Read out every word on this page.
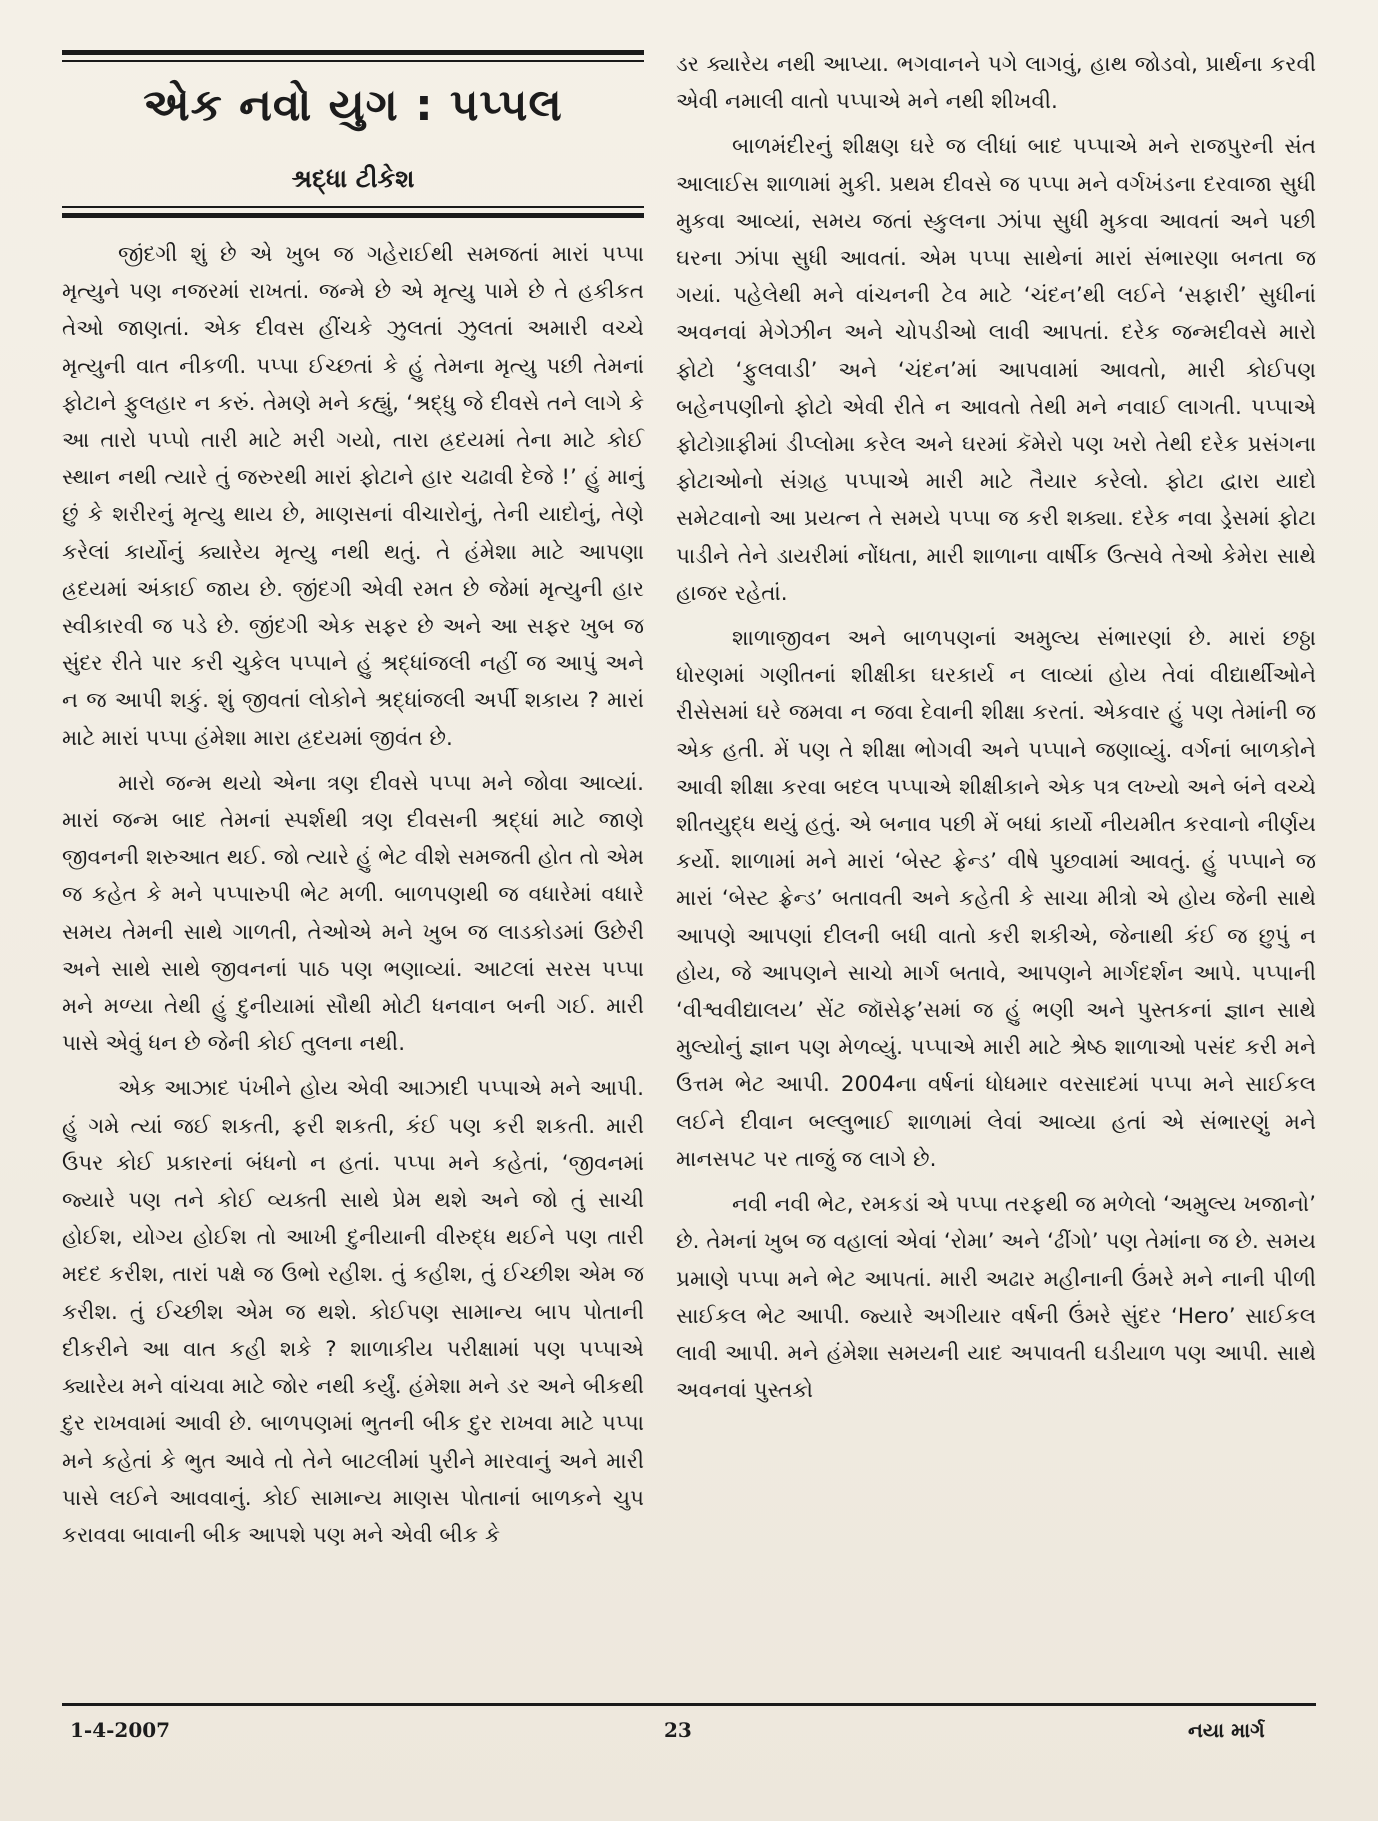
એક નવો યુગ : પપ્પલ
શ્રદ્ધા ટીકેશ

જીંદગી શું છે એ ખુબ જ ગહેરાઈથી સમજતાં મારાં પપ્પા મૃત્યુને પણ નજરમાં રાખતાં. જન્મે છે એ મૃત્યુ પામે છે તે હકીકત તેઓ જાણતાં. એક દીવસ હીંચકે ઝુલતાં ઝુલતાં અમારી વચ્ચે મૃત્યુની વાત નીકળી. પપ્પા ઈચ્છતાં કે હું તેમના મૃત્યુ પછી તેમનાં ફોટાને ફુલહાર ન કરું. તેમણે મને કહ્યું, ‘શ્રદ્ધુ જે દીવસે તને લાગે કે આ તારો પપ્પો તારી માટે મરી ગયો, તારા હ્રદયમાં તેના માટે કોઈ સ્થાન નથી ત્યારે તું જરુરથી મારાં ફોટાને હાર ચઢાવી દેજે !’ હું માનું છું કે શરીરનું મૃત્યુ થાય છે, માણસનાં વીચારોનું, તેની યાદોનું, તેણે કરેલાં કાર્યોનું ક્યારેય મૃત્યુ નથી થતું. તે હંમેશા માટે આપણા હ્રદયમાં અંકાઈ જાય છે. જીંદગી એવી રમત છે જેમાં મૃત્યુની હાર સ્વીકારવી જ પડે છે. જીંદગી એક સફર છે અને આ સફર ખુબ જ સુંદર રીતે પાર કરી ચુકેલ પપ્પાને હું શ્રદ્ધાંજલી નહીં જ આપું અને ન જ આપી શકું. શું જીવતાં લોકોને શ્રદ્ધાંજલી અર્પી શકાય ? મારાં માટે મારાં પપ્પા હંમેશા મારા હ્રદયમાં જીવંત છે.

મારો જન્મ થયો એના ત્રણ દીવસે પપ્પા મને જોવા આવ્યાં. મારાં જન્મ બાદ તેમનાં સ્પર્શથી ત્રણ દીવસની શ્રદ્ધાં માટે જાણે જીવનની શરુઆત થઈ. જો ત્યારે હું ભેટ વીશે સમજતી હોત તો એમ જ કહેત કે મને પપ્પારુપી ભેટ મળી. બાળપણથી જ વધારેમાં વધારે સમય તેમની સાથે ગાળતી, તેઓએ મને ખુબ જ લાડકોડમાં ઉછેરી અને સાથે સાથે જીવનનાં પાઠ પણ ભણાવ્યાં. આટલાં સરસ પપ્પા મને મળ્યા તેથી હું દુનીયામાં સૌથી મોટી ધનવાન બની ગઈ. મારી પાસે એવું ધન છે જેની કોઈ તુલના નથી.

એક આઝાદ પંખીને હોય એવી આઝાદી પપ્પાએ મને આપી. હું ગમે ત્યાં જઈ શકતી, ફરી શકતી, કંઈ પણ કરી શકતી. મારી ઉપર કોઈ પ્રકારનાં બંધનો ન હતાં. પપ્પા મને કહેતાં, ‘જીવનમાં જ્યારે પણ તને કોઈ વ્યક્તી સાથે પ્રેમ થશે અને જો તું સાચી હોઈશ, યોગ્ય હોઈશ તો આખી દુનીયાની વીરુદ્ધ થઈને પણ તારી મદદ કરીશ, તારાં પક્ષે જ ઉભો રહીશ. તું કહીશ, તું ઈચ્છીશ એમ જ કરીશ. તું ઈચ્છીશ એમ જ થશે. કોઈપણ સામાન્ય બાપ પોતાની દીકરીને આ વાત કહી શકે ? શાળાકીય પરીક્ષામાં પણ પપ્પાએ ક્યારેય મને વાંચવા માટે જોર નથી કર્યું. હંમેશા મને ડર અને બીકથી દુર રાખવામાં આવી છે. બાળપણમાં ભુતની બીક દુર રાખવા માટે પપ્પા મને કહેતાં કે ભુત આવે તો તેને બાટલીમાં પુરીને મારવાનું અને મારી પાસે લઈને આવવાનું. કોઈ સામાન્ય માણસ પોતાનાં બાળકને ચુપ કરાવવા બાવાની બીક આપશે પણ મને એવી બીક કે

ડર ક્યારેય નથી આપ્યા. ભગવાનને પગે લાગવું, હાથ જોડવો, પ્રાર્થના કરવી એવી નમાલી વાતો પપ્પાએ મને નથી શીખવી.

બાળમંદીરનું શીક્ષણ ઘરે જ લીધાં બાદ પપ્પાએ મને રાજપુરની સંત આલાઈસ શાળામાં મુકી. પ્રથમ દીવસે જ પપ્પા મને વર્ગખંડના દરવાજા સુધી મુકવા આવ્યાં, સમય જતાં સ્કુલના ઝાંપા સુધી મુકવા આવતાં અને પછી ઘરના ઝાંપા સુધી આવતાં. એમ પપ્પા સાથેનાં મારાં સંભારણા બનતા જ ગયાં. પહેલેથી મને વાંચનની ટેવ માટે ‘ચંદન’થી લઈને ‘સફારી’ સુધીનાં અવનવાં મેગેઝીન અને ચોપડીઓ લાવી આપતાં. દરેક જન્મદીવસે મારો ફોટો ‘ફુલવાડી’ અને ‘ચંદન’માં આપવામાં આવતો, મારી કોઈપણ બહેનપણીનો ફોટો એવી રીતે ન આવતો તેથી મને નવાઈ લાગતી. પપ્પાએ ફોટોગ્રાફીમાં ડીપ્લોમા કરેલ અને ઘરમાં કૅમેરો પણ ખરો તેથી દરેક પ્રસંગના ફોટાઓનો સંગ્રહ પપ્પાએ મારી માટે તૈયાર કરેલો. ફોટા દ્વારા યાદો સમેટવાનો આ પ્રયત્ન તે સમયે પપ્પા જ કરી શક્યા. દરેક નવા ડ્રેસમાં ફોટા પાડીને તેને ડાયરીમાં નોંધતા, મારી શાળાના વાર્ષીક ઉત્સવે તેઓ કેમેરા સાથે હાજર રહેતાં.

શાળાજીવન અને બાળપણનાં અમુલ્ય સંભારણાં છે. મારાં છઠ્ઠા ધોરણમાં ગણીતનાં શીક્ષીકા ઘરકાર્ય ન લાવ્યાં હોય તેવાં વીદ્યાર્થીઓને રીસેસમાં ઘરે જમવા ન જવા દેવાની શીક્ષા કરતાં. એકવાર હું પણ તેમાંની જ એક હતી. મેં પણ તે શીક્ષા ભોગવી અને પપ્પાને જણાવ્યું. વર્ગનાં બાળકોને આવી શીક્ષા કરવા બદલ પપ્પાએ શીક્ષીકાને એક પત્ર લખ્યો અને બંને વચ્ચે શીતયુદ્ધ થયું હતું. એ બનાવ પછી મેં બધાં કાર્યો નીયમીત કરવાનો નીર્ણય કર્યો. શાળામાં મને મારાં ‘બેસ્ટ ફ્રેન્ડ’ વીષે પુછવામાં આવતું. હું પપ્પાને જ મારાં ‘બેસ્ટ ફ્રેન્ડ’ બતાવતી અને કહેતી કે સાચા મીત્રો એ હોય જેની સાથે આપણે આપણાં દીલની બધી વાતો કરી શકીએ, જેનાથી કંઈ જ છુપું ન હોય, જે આપણને સાચો માર્ગ બતાવે, આપણને માર્ગદર્શન આપે. પપ્પાની ‘વીશ્વવીદ્યાલય’ સેંટ જૉસેફ’સમાં જ હું ભણી અને પુસ્તકનાં જ્ઞાન સાથે મુલ્યોનું જ્ઞાન પણ મેળવ્યું. પપ્પાએ મારી માટે શ્રેષ્ઠ શાળાઓ પસંદ કરી મને ઉત્તમ ભેટ આપી. 2004ના વર્ષનાં ધોધમાર વરસાદમાં પપ્પા મને સાઈકલ લઈને દીવાન બલ્લુભાઈ શાળામાં લેવાં આવ્યા હતાં એ સંભારણું મને માનસપટ પર તાજું જ લાગે છે.

નવી નવી ભેટ, રમકડાં એ પપ્પા તરફથી જ મળેલો ‘અમુલ્ય ખજાનો’ છે. તેમનાં ખુબ જ વહાલાં એવાં ‘રોમા’ અને ‘ઢીંગો’ પણ તેમાંના જ છે. સમય પ્રમાણે પપ્પા મને ભેટ આપતાં. મારી અઢાર મહીનાની ઉંમરે મને નાની પીળી સાઈકલ ભેટ આપી. જ્યારે અગીયાર વર્ષની ઉંમરે સુંદર ‘Hero’ સાઈકલ લાવી આપી. મને હંમેશા સમયની યાદ અપાવતી ઘડીયાળ પણ આપી. સાથે અવનવાં પુસ્તકો

1-4-2007	23	નયા માર્ગ
